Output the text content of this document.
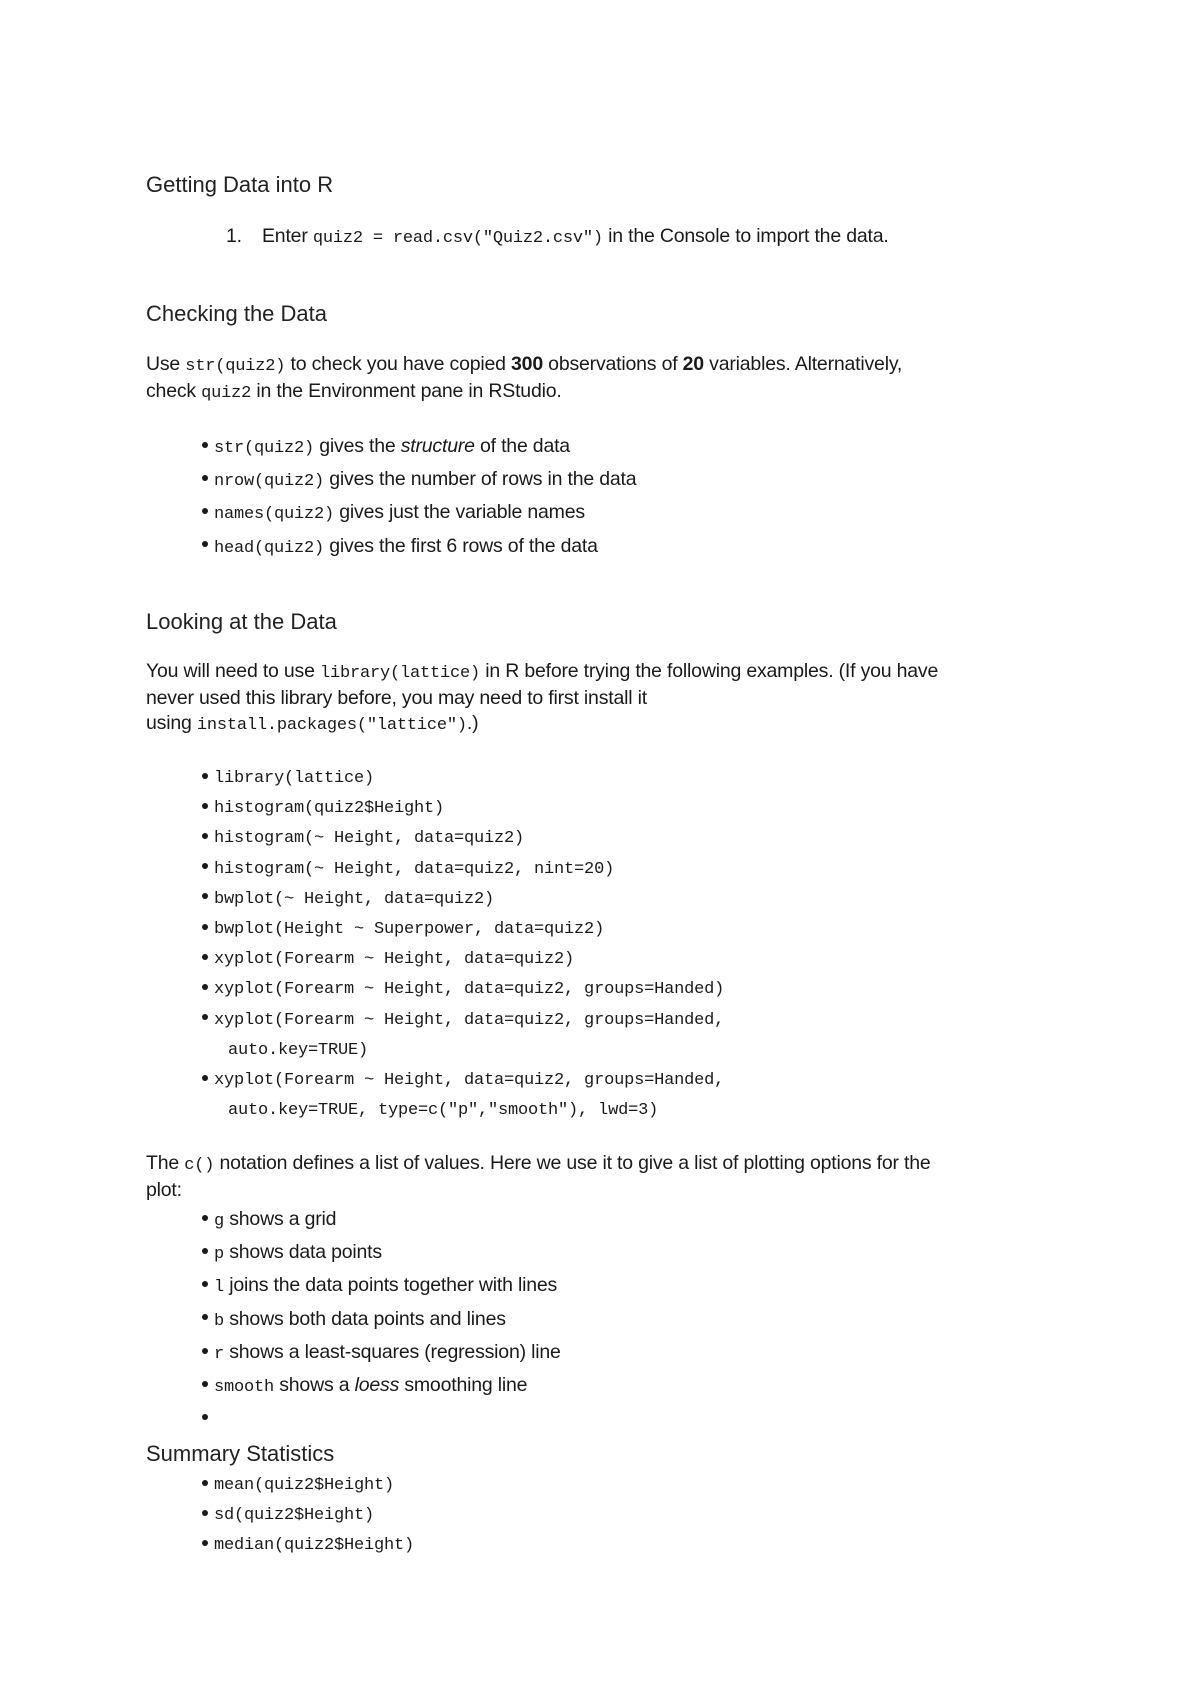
Getting Data into R
1. Enter quiz2 = read.csv("Quiz2.csv") in the Console to import the data.
Checking the Data

Use str(quiz2) to check you have copied 300 observations of 20 variables. Alternatively,

check quiz2 in the Environment pane in RStudio.

str(quiz2) gives the structure of the data
nrow(quiz2) gives the number of rows in the data
names(quiz2) gives just the variable names
head(quiz2) gives the first 6 rows of the data
Looking at the Data

You will need to use library(lattice) in R before trying the following examples. (If you have

never used this library before, you may need to first install it

using install.packages("lattice").)

library(lattice)
histogram(quiz2$Height)
histogram(~ Height, data=quiz2)
histogram(~ Height, data=quiz2, nint=20)
bwplot(~ Height, data=quiz2)
bwplot(Height ~ Superpower, data=quiz2)
xyplot(Forearm ~ Height, data=quiz2)
xyplot(Forearm ~ Height, data=quiz2, groups=Handed)
xyplot(Forearm ~ Height, data=quiz2, groups=Handed,
auto.key=TRUE)
xyplot(Forearm ~ Height, data=quiz2, groups=Handed,
auto.key=TRUE, type=c("p","smooth"), lwd=3)

The c() notation defines a list of values. Here we use it to give a list of plotting options for the

plot:

g shows a grid
p shows data points
l joins the data points together with lines
b shows both data points and lines
r shows a least-squares (regression) line
smooth shows a loess smoothing line
Summary Statistics
mean(quiz2$Height)
sd(quiz2$Height)
median(quiz2$Height)
